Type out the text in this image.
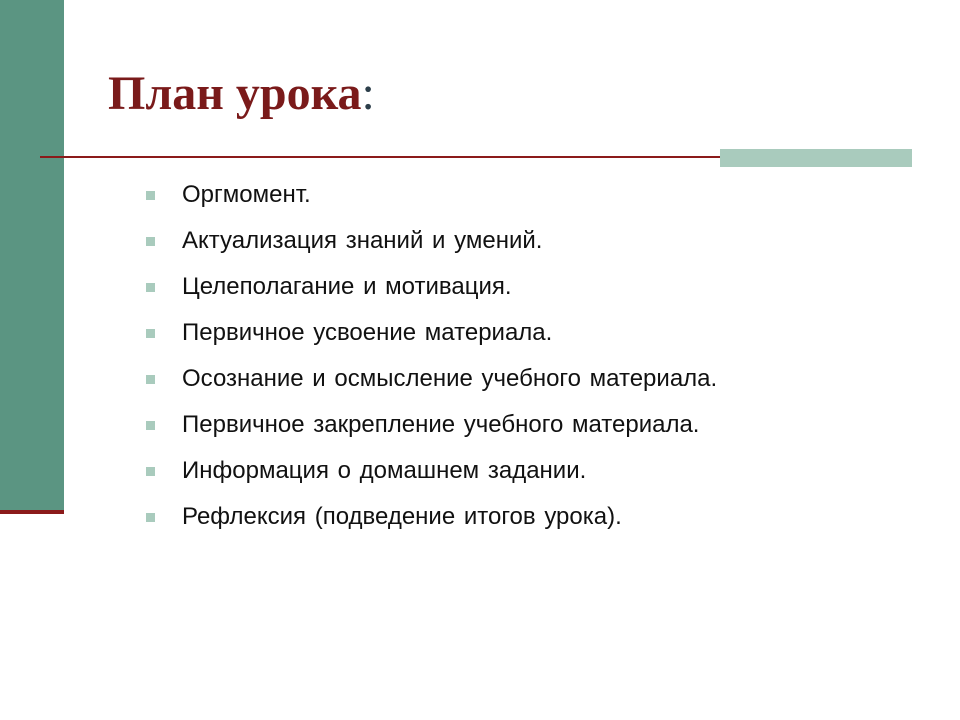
План урока:
Оргмомент.
Актуализация знаний и умений.
Целеполагание и мотивация.
Первичное усвоение материала.
Осознание и осмысление учебного материала.
Первичное закрепление учебного материала.
Информация о домашнем задании.
Рефлексия (подведение итогов урока).
